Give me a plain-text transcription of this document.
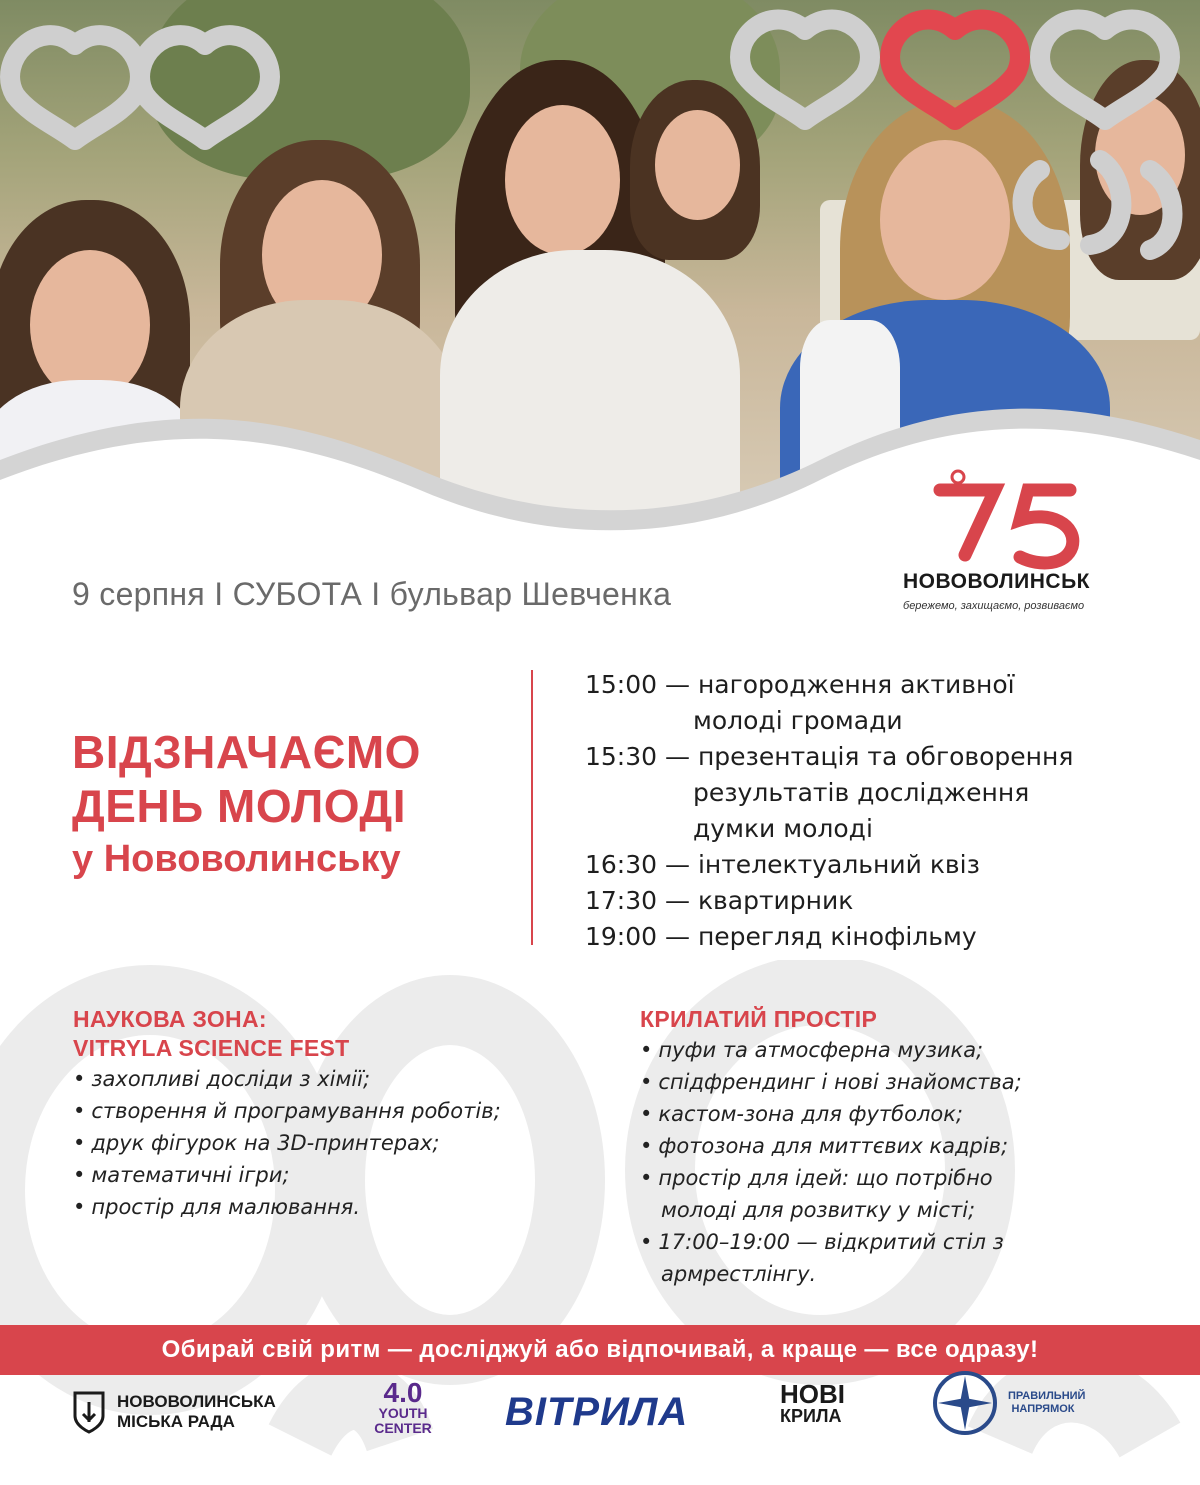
НОВОВОЛИНСЬК
бережемо, захищаємо, розвиваємо
9 серпня І СУБОТА І бульвар Шевченка
ВІДЗНАЧАЄМО
ДЕНЬ МОЛОДІ
у Нововолинську
15:00 — нагородження активної
молоді громади
15:30 — презентація та обговорення
результатів дослідження
думки молоді
16:30 — інтелектуальний квіз
17:30 — квартирник
19:00 — перегляд кінофільму
НАУКОВА ЗОНА:
VITRYLA SCIENCE FEST
• захопливі досліди з хімії;
• створення й програмування роботів;
• друк фігурок на 3D-принтерах;
• математичні ігри;
• простір для малювання.
КРИЛАТИЙ ПРОСТІР
• пуфи та атмосферна музика;
• спідфрендинг і нові знайомства;
• кастом-зона для футболок;
• фотозона для миттєвих кадрів;
• простір для ідей: що потрібно
молоді для розвитку у місті;
• 17:00–19:00 — відкритий стіл з
армрестлінгу.
Обирай свій ритм — досліджуй або відпочивай, а краще — все одразу!
НОВОВОЛИНСЬКА
МІСЬКА РАДА
4.0
YOUTH
CENTER ВІТРИЛА	НОВІ
КРИЛА
ПРАВИЛЬНИЙ
НАПРЯМОК
